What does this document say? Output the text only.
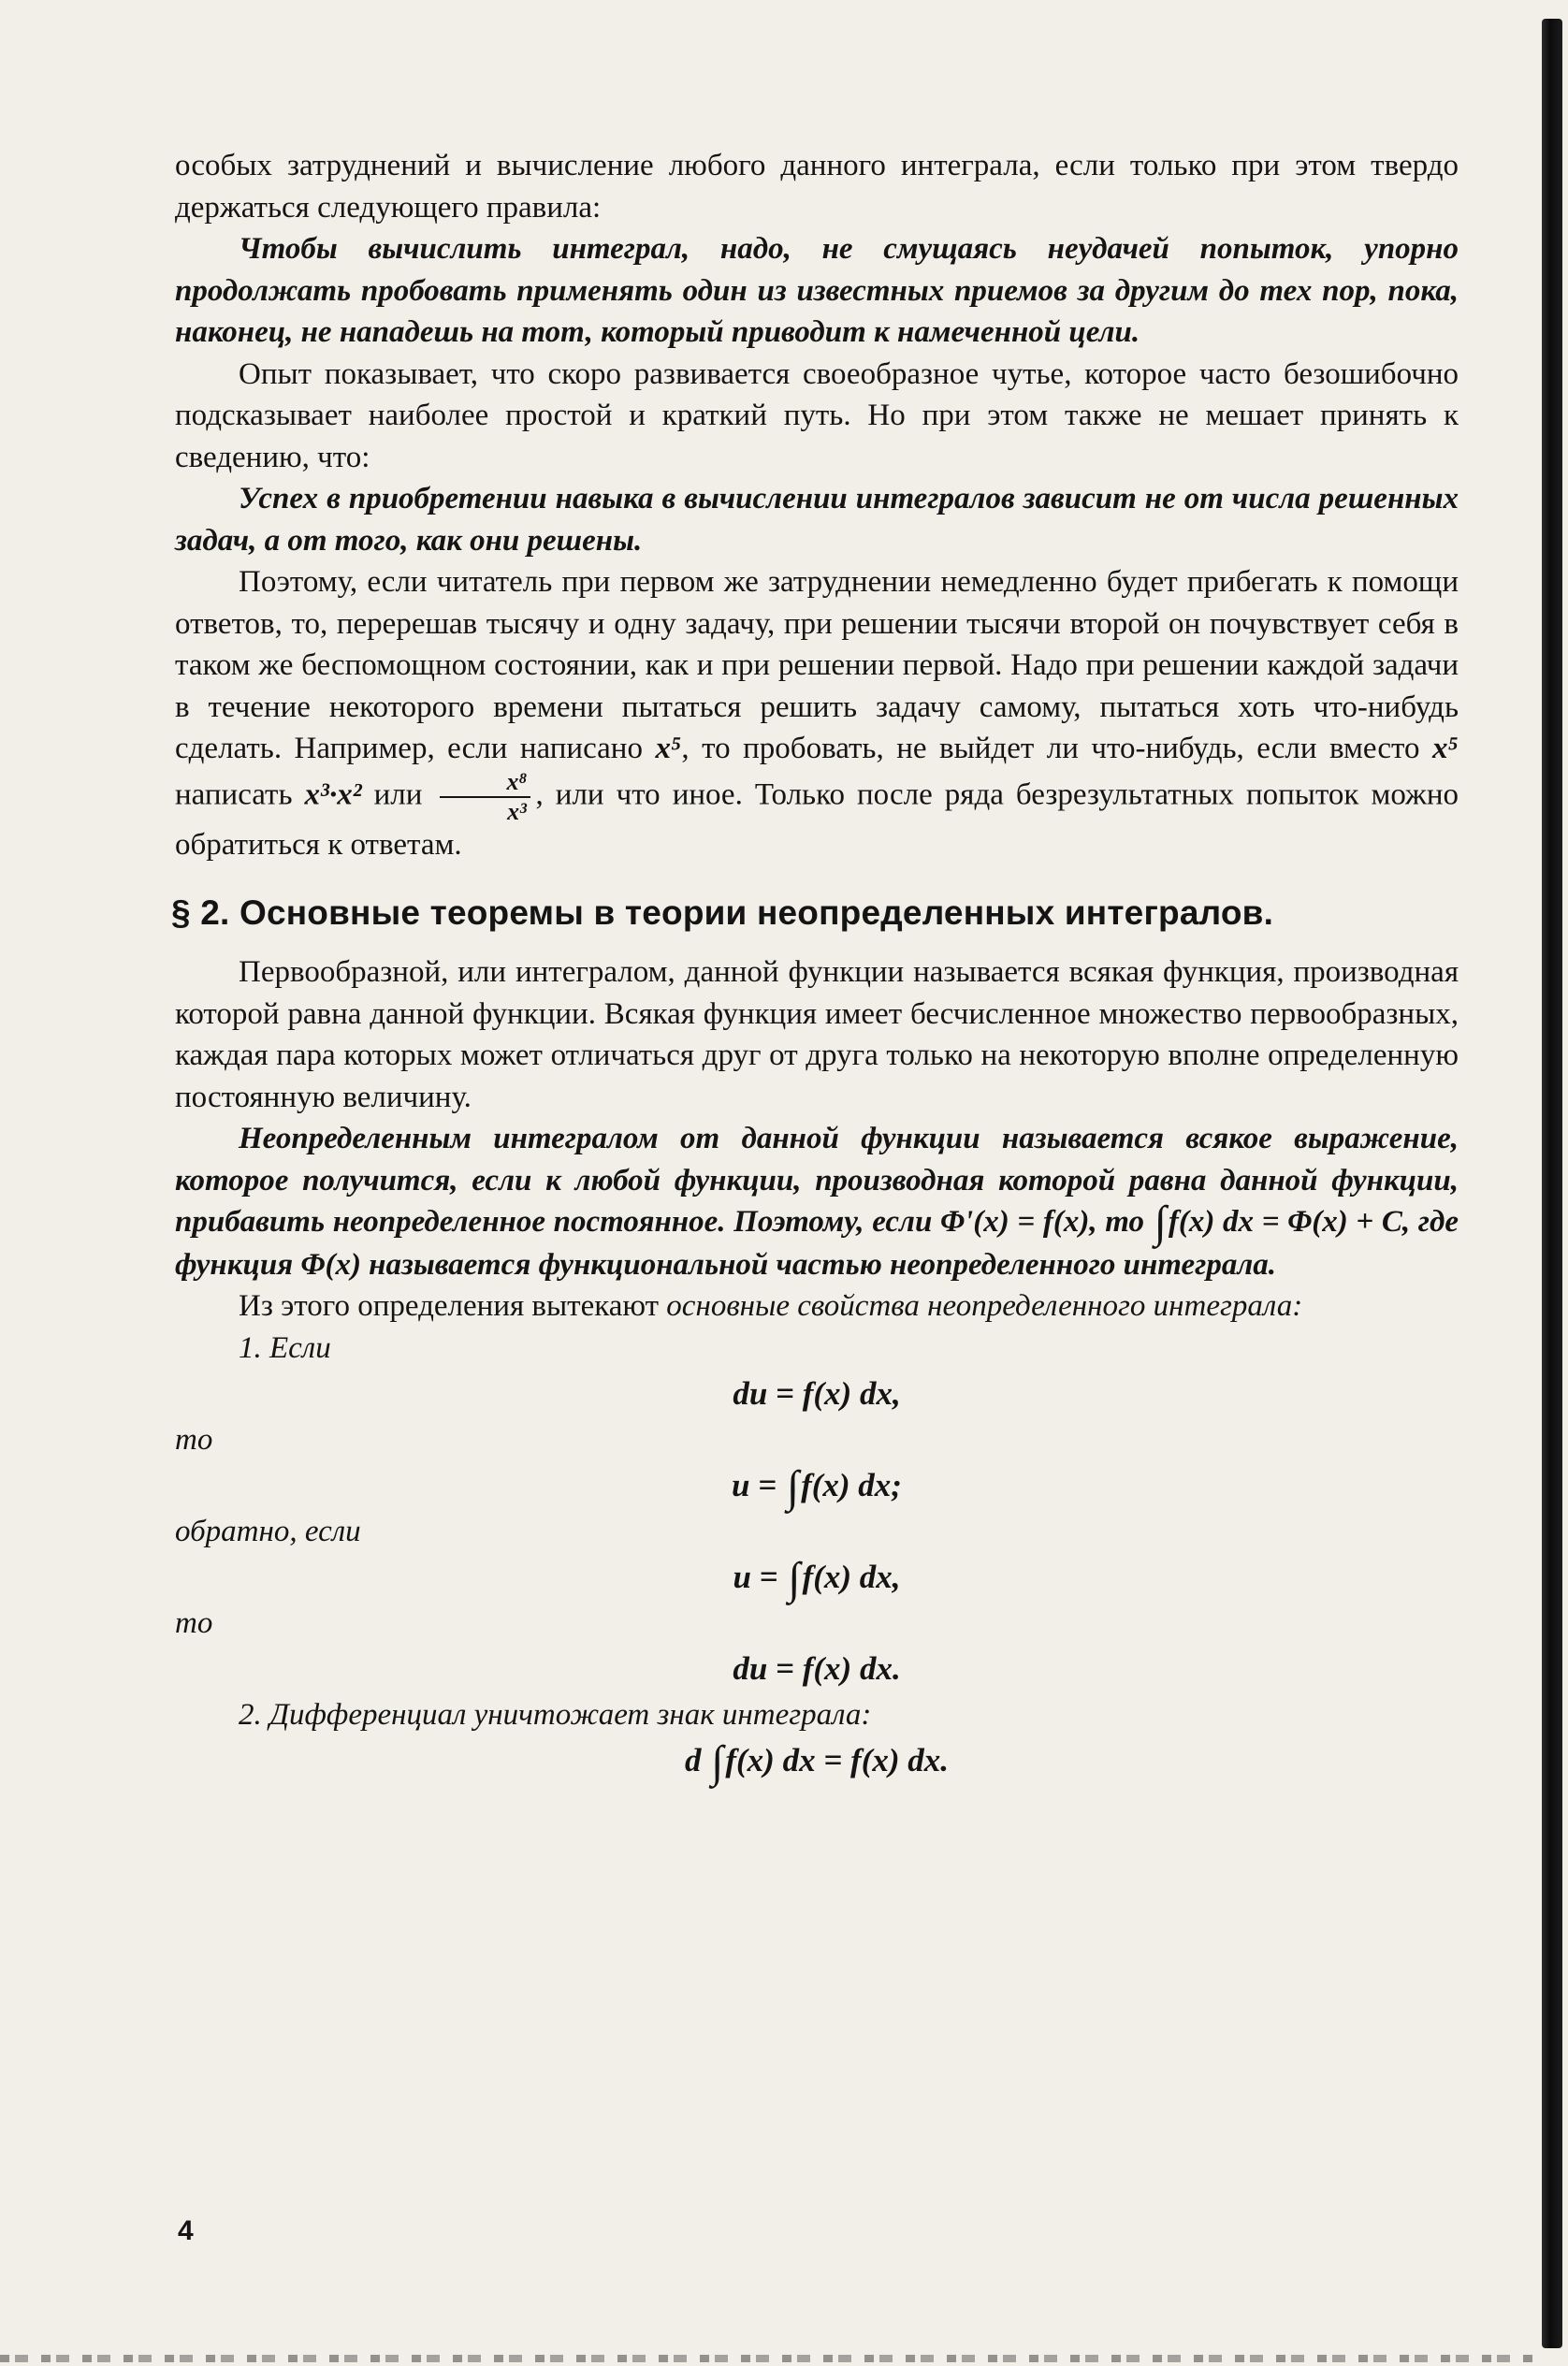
особых затруднений и вычисление любого данного интеграла, если только при этом твердо держаться следующего правила:

Чтобы вычислить интеграл, надо, не смущаясь неудачей попыток, упорно продолжать пробовать применять один из известных приемов за другим до тех пор, пока, наконец, не нападешь на тот, который приводит к намеченной цели.

Опыт показывает, что скоро развивается своеобразное чутье, которое часто безошибочно подсказывает наиболее простой и краткий путь. Но при этом также не мешает принять к сведению, что:

Успех в приобретении навыка в вычислении интегралов зависит не от числа решенных задач, а от того, как они решены.

Поэтому, если читатель при первом же затруднении немедленно будет прибегать к помощи ответов, то, перерешав тысячу и одну задачу, при решении тысячи второй он почувствует себя в таком же беспомощном состоянии, как и при решении первой. Надо при решении каждой задачи в течение некоторого времени пытаться решить задачу самому, пытаться хоть что-нибудь сделать. Например, если написано x⁵, то пробовать, не выйдет ли что-нибудь, если вместо x⁵ написать x³·x² или $\frac{\text{x⁸}}{\text{x³}}$ , или что иное. Только после ряда безрезультатных попыток можно обратиться к ответам.

§ 2. Основные теоремы в теории неопределенных интегралов.

Первообразной, или интегралом, данной функции называется всякая функция, производная которой равна данной функции. Всякая функция имеет бесчисленное множество первообразных, каждая пара которых может отличаться друг от друга только на некоторую вполне определенную постоянную величину.

Неопределенным интегралом от данной функции называется всякое выражение, которое получится, если к любой функции, производная которой равна данной функции, прибавить неопределенное постоянное. Поэтому, если Φ'(x) = f(x), то ∫f(x) dx = Φ(x) + C, где функция Φ(x) называется функциональной частью неопределенного интеграла.

Из этого определения вытекают основные свойства неопределенного интеграла:

1. Если
du = f(x) dx,
то
u = ∫f(x) dx;
обратно, если
u = ∫f(x) dx,
то
du = f(x) dx.
2. Дифференциал уничтожает знак интеграла:
d ∫f(x) dx = f(x) dx.
4
